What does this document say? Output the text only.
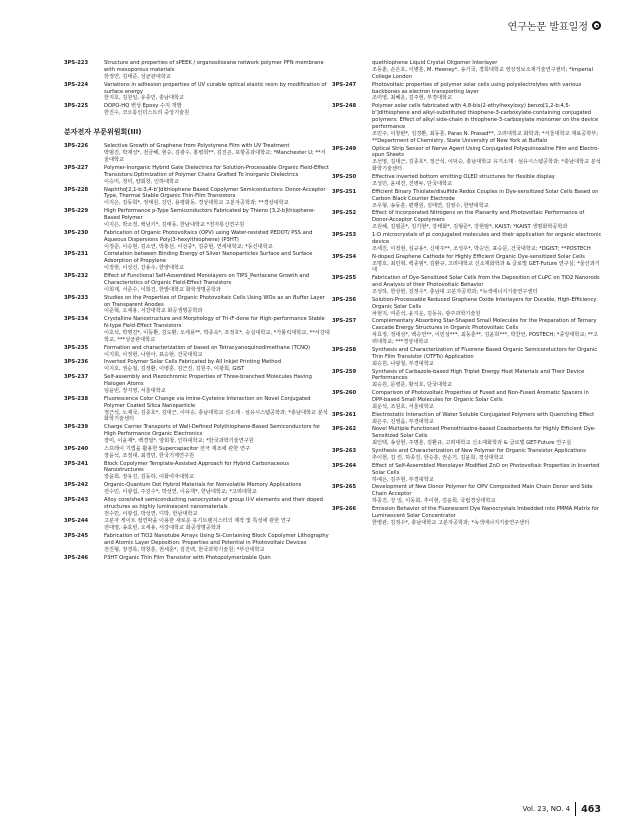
연구논문 발표일정
3PS-223	Structure and properties of sPEEK / organosiloxane network polymer PFN membrane with mesoporous materials
한정연, 김태준, 성균관대학교
3PS-224	Variations in adhesion properties of UV curable optical elastic resin by modification of surface energy
한지호, 김원일, 유종민, 충남대학교
3PS-225	DOPO-HQ 변성 Epoxy 수지 개발
한진수, 코오롱인더스트리 중앙기술원
분자전자 부문위원회(III)
3PS-226	Selective Growth of Graphene from Polystyrene Film with UV Treatment
박범진, 박재성*, 전금혜, 현승, 김광수, 홍병희**, 김진곤, 포항공과대학교; *Manchester U; **서울대학교
3PS-227	Polymer-Inorganic Hybrid Gate Dielectrics for Solution-Processable Organic Field-Effect Transistors:Optimization of Polymer Chains Grafted To Inorganic Dielectrics
이승미, 정미, 양회창, 인하대학교
3PS-228	Naphtho[2,1-b:3,4-b']dithiophene Based Copolymer Semiconductors: Donor-Acceptor Type, Thermal Stable Organic Thin-Film Transistors
이지은, 김동희*, 정태원, 강인, 용평화동, 경상대학교 고분자공학과; **경상대학교
3PS-229	High Performance p-Type Semiconductors Fabricated by Thieno [3,2-b]thiophene-Based Polymer
이지은, 박소정, 백남기*, 김태동, 한남대학교 *전자통신연구원
3PS-230	Fabrication of Organic Photovoltaics (OPV) using Water-resisted PEDOT/ PSS and Aqueous Dispersions Poly(3-hexylthiophene) (P3HT)
이정준, 이승현, 김소연, 박홍선, 이선중*, 김중현, 연세대학교; *동신대학교
3PS-231	Correlation between Binding Energy of Silver Nanoparticles Surface and Surface Adsorption of Propylene
이정현, 이상진, 강용수, 한양대학교
3PS-232	Effect of Functional Self-Assembled Monolayers on TIPS_Pentacene Growth and Characteristics of Organic Field-Effect Transistors
이희재, 서준수, 이희진, 한밭대학교 화학생명공학과
3PS-233	Studies on the Properties of Organic Photovoltaic Cells Using WOx as an Buffer Layer on Transparent Anodes
이준혁, 오세용, 서강대학교 화공생명공학과
3PS-234	Crystalline Nanostructure and Morphology of Tri-iF-done for High-performance Stable N-type Field-Effect Transistors
이호석, 박명진*, 이동환, 김도환, 오세용**, 박종욱*, 조정호*, 숭실대학교, *가톨릭대학교, **서강대학교, ***성균관대학교
3PS-235	Formation and characterization of based on Tetracyanoquinodimethane (TCNQ)
이지희, 이정현, 나현아, 표승현, 건국대학교
3PS-236	Inverted Polymer Solar Cells Fabricated by All Inkjet Printing Method
이지호, 권순철, 김정환, 이병훈, 김근진, 김원주, 이광희, GIST
3PS-237	Self-assembly and Piezochromic Properties of Three-branched Molecules Having Halogen Atoms
임윤빈, 장지영, 서울대학교
3PS-238	Fluorescence Color Change via Imine-Cysteine Interaction on Novel Conjugated Polymer Coated Silica Nanoparticle
정근석, 노재국, 김종호*, 김대근, 이덕승, 충남대학교 신소재 · 섬유시스템공학과; *충남대학교 분석화학기술센터
3PS-239	Charge Carrier Transports of Well-Defined Polythiophene-Based Semiconductors for High Performance Organic Electronics
장미, 이윤재*, 백경열*, 양회창, 인하대학교; *한국과학기술연구원
3PS-240	스프레이 기법을 활용한 Supercapacitor 전극 제조에 관한 연구
장윤석, 조정대, 최경민, 한국기계연구원
3PS-241	Block Copolymer Template-Assisted Approach for Hybrid Carbonaceous Nanostructures
장윤희, 장유진, 김동하, 이화여자대학교
3PS-242	Organic-Quantum Dot Hybrid Materials for Nonvolatile Memory Applications
전수민, 이광섭, 주진수*, 박성연, 이융재*, 한남대학교; *고려대학교
3PS-243	Alloy core/shell semiconducting nanocrystals of group II-V elements and their doped structures as highly luminescent nanomaterials
전수민, 이광섭, 박성연, 디박, 한남대학교
3PS-244	고분자 게이트 절연막을 이용한 새로운 유기트랜지스터의 제작 및 특성에 관한 연구
전대영, 송효빈, 오세용, 서강대학교 화공생명공학과
3PS-245	Fabrication of TiO2 Nanotube Arrays Using Si-Containing Block Copolymer Lithography and Atomic Layer Deposition: Properties and Potential in Photovoltaic Devices
전진형, 장경록, 박창훈, 권세훈*, 김진백, 한국과학기술원; *부산대학교
3PS-246	P3HT Organic Thin Film Transistor with Photopolymerizable Quin
quethiophene Liquid Crystal Oligomer Interlayer
조동춘, 손은호, 이병훈, M. Heeney*, 송기국, 경희대학교 영상정보소재기술연구센터; *Imperial College London
3PS-247	Photovoltaic properties of polymer solar cells using polyelectrolytes with various backbones as electron transporting layer
조미영, 최혜운, 김주현, 부경대학교
3PS-248	Polymer solar cells fabricated with 4,8-bis(2-ethylhexyloxy) benzo[1,2-b:4,5-b']dithiophene and alkyl-substituted thiophene-3-carboxylate-containing conjugated polymers: Effect of alkyl side-chain in thiophene-3-carboxylate monomer on the device performance
조민주, 이창완*, 김경환, 최동훈, Paras N. Prasad**, 고려대학교 화학과; *서울대학교 재료공학부; **Department of Chemistry, State University of New York at Buffalo
3PS-249	Optical Strip Sensor of Nerve Agent Using Conjugated Polyquinoxaline Film and Electro-spun Sheets
조선영, 김대근, 김종호*, 정근석, 이덕승, 충남대학교 유기소재 · 섬유시스템공학과; *충남대학교 분석화학기술센터
3PS-250	Effective inverted bottom emitting OLED structures for flexible display
조성민, 윤대건, 진병두, 단국대학교
3PS-251	Efficient Binary Thiolate/disulfide Redox Couples in Dye-sensitized Solar Cells Based on Carbon Black Counter Electrode
조우형, 송동훈, 편행원, 김태연, 김영수, 한양대학교
3PS-252	Effect of Incorporated Nitrogens on the Planarity and Photovoltaic Performance of Donor-Acceptor Copolymers
조원혜, 김범준*, 김기현*, 강태화*, 김형준*, 강현범*, KAIST; *KAIST 생명화학공학과
3PS-253	1-D microcrystals of pi conjugated molecules and their application for organic electronic device
조세진, 이정현, 심규용*, 신태주**, 조성우*, 박승언, 표승문, 건국대학교; *DGIST; **POSTECH
3PS-254	N-doped Graphene Cathode for Highly Efficient Organic Dye-sensitized Solar Cells
조명호, 최민혁, 백종범*, 김환규, 고려대학교 신소재화학과 & 글로벌 GET-Future 연구실; *울산과기대
3PS-255	Fabrication of Dye-Sensitized Solar Cells from the Deposition of CuPC on TiO2 Nanorods and Analysis of their Photovoltaic Behavior
조성하, 한상현, 김정수*, 충남대 고분자공학과; *녹색에너지기술연구센터
3PS-256	Solution-Processable Reduced Graphene Oxide Interlayers for Durable, High-Efficiency Organic Solar Cells
차현지, 여준석, 윤지운, 김동유, 광주과학기술원
3PS-257	Complementary Absorbing Star-Shaped Small Molecules for the Preparation of Ternary Cascade Energy Structures in Organic Photovoltaic Cells
차효정, 정대성*, 백승연**, 이민성***, 최동훈**, 김윤희***, 박찬언, POSTECH; *중앙대학교; **고려대학교; ***경상대학교
3PS-258	Synthesis and Characterization of Fluorene Based Organic Semiconductors for Organic Thin Film Transistor (OTFTs) Application
최승원, 나광철, 부경대학교
3PS-259	Synthesis of Carbazole-based High Triplet Energy Host Materials and Their Device Performances
최승원, 문병준, 황석호, 단국대학교
3PS-260	Comparison of Photovoltaic Properties of Fused and Non-Fused Aromatic Spacers in DPP-based Small Molecules for Organic Solar Cells
최운석, 조원호, 서울대학교
3PS-261	Electrostatic Interaction of Water Soluble Conjugated Polymers with Quenching Effect
최은주, 진영읍, 부경대학교
3PS-262	Novel Multiple Functioned Phenothiazine-based Coadsorbents for Highly Efficient Dye-Sensitized Solar Cells
최인택, 송상현, 주명훈, 김환규, 고려대학교 신소재화학과 & 글로벌 GET-Future 연구실
3PS-263	Synthesis and Characterization of New Polymer for Organic Transistor Applications
추이현, 김 린, 하종진, 한승훈, 권순기, 김윤희, 경상대학교
3PS-264	Effect of Self-Assembled Monolayer Modified ZnO on Photovoltaic Properties in Inverted Solar Cells
하예은, 김주현, 부경대학교
3PS-265	Development of New Donor Polymer for OPV Composited Main Chain Donor and Side Chain Acceptor
하종진, 강 일, 이동회, 추이현, 김윤희, 국립경상대학교
3PS-266	Emission Behavior of the Fluorescent Dye Nanocrystals Imbedded into PMMA Matrix for Luminescent Solar Concentrator
한병관, 김정수*, 충남대학교 고분자공학과; *녹색에너지기술연구센터
Vol. 23, NO. 4 463
